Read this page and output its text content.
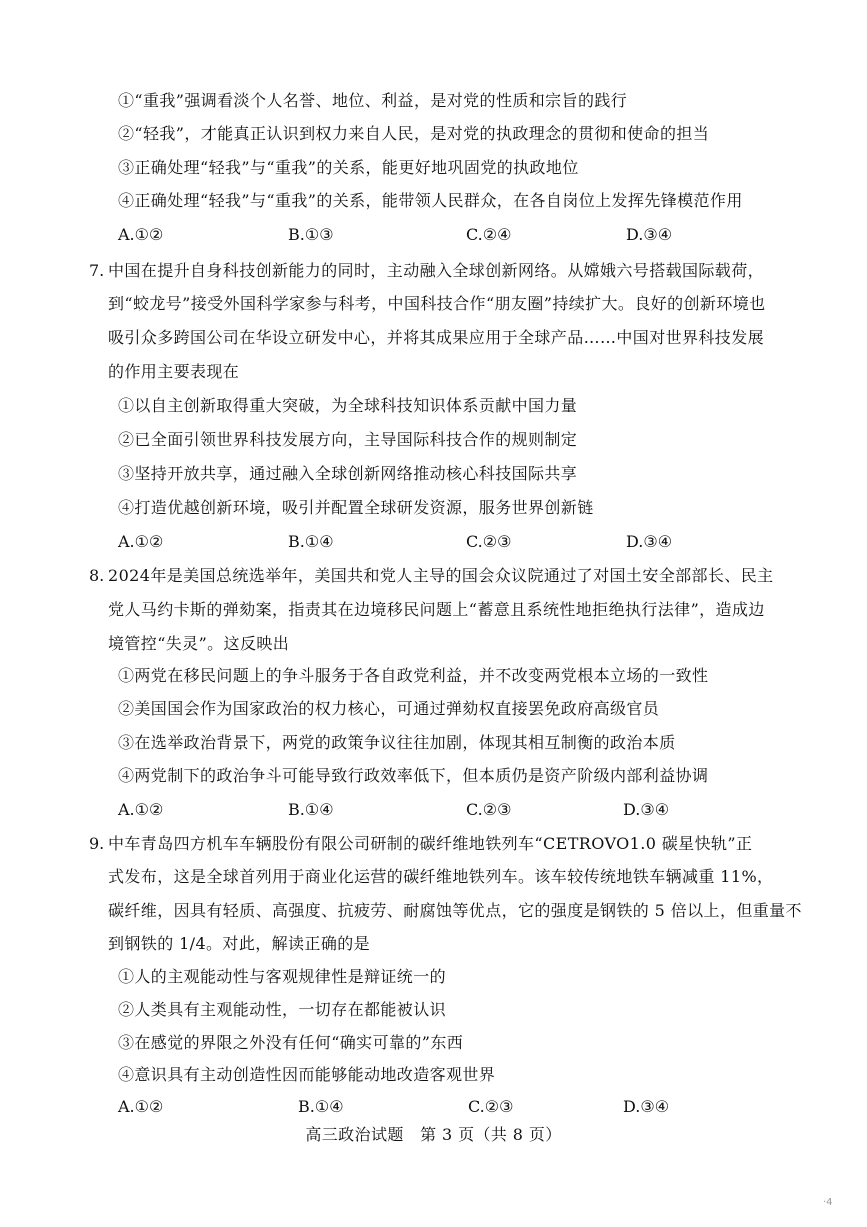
①“重我”强调看淡个人名誉、地位、利益，是对党的性质和宗旨的践行
②“轻我”，才能真正认识到权力来自人民，是对党的执政理念的贯彻和使命的担当
③正确处理“轻我”与“重我”的关系，能更好地巩固党的执政地位
④正确处理“轻我”与“重我”的关系，能带领人民群众，在各自岗位上发挥先锋模范作用
A.①②	B.①③	C.②④	D.③④
7. 中国在提升自身科技创新能力的同时，主动融入全球创新网络。从嫦娥六号搭载国际载荷，
到“蛟龙号”接受外国科学家参与科考，中国科技合作“朋友圈”持续扩大。良好的创新环境也
吸引众多跨国公司在华设立研发中心，并将其成果应用于全球产品……中国对世界科技发展
的作用主要表现在
①以自主创新取得重大突破，为全球科技知识体系贡献中国力量
②已全面引领世界科技发展方向，主导国际科技合作的规则制定
③坚持开放共享，通过融入全球创新网络推动核心科技国际共享
④打造优越创新环境，吸引并配置全球研发资源，服务世界创新链
A.①②	B.①④	C.②③	D.③④
8. 2024年是美国总统选举年，美国共和党人主导的国会众议院通过了对国土安全部部长、民主
党人马约卡斯的弹劾案，指责其在边境移民问题上“蓄意且系统性地拒绝执行法律”，造成边
境管控“失灵”。这反映出
①两党在移民问题上的争斗服务于各自政党利益，并不改变两党根本立场的一致性
②美国国会作为国家政治的权力核心，可通过弹劾权直接罢免政府高级官员
③在选举政治背景下，两党的政策争议往往加剧，体现其相互制衡的政治本质
④两党制下的政治争斗可能导致行政效率低下，但本质仍是资产阶级内部利益协调
A.①②	B.①④	C.②③	D.③④
9. 中车青岛四方机车车辆股份有限公司研制的碳纤维地铁列车“CETROVO1.0 碳星快轨”正
式发布，这是全球首列用于商业化运营的碳纤维地铁列车。该车较传统地铁车辆减重 11%，
碳纤维，因具有轻质、高强度、抗疲劳、耐腐蚀等优点，它的强度是钢铁的 5 倍以上，但重量不
到钢铁的 1/4。对此，解读正确的是
①人的主观能动性与客观规律性是辩证统一的
②人类具有主观能动性，一切存在都能被认识
③在感觉的界限之外没有任何“确实可靠的”东西
④意识具有主动创造性因而能够能动地改造客观世界
A.①②	B.①④	C.②③	D.③④
高三政治试题　第 3 页（共 8 页）
·4
